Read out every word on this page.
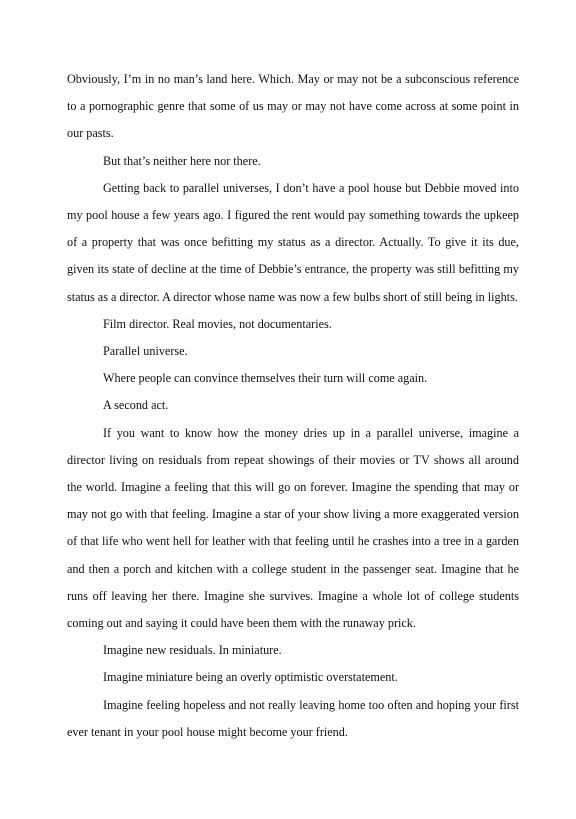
Obviously, I’m in no man’s land here. Which. May or may not be a subconscious reference to a pornographic genre that some of us may or may not have come across at some point in our pasts.

But that’s neither here nor there.

Getting back to parallel universes, I don’t have a pool house but Debbie moved into my pool house a few years ago. I figured the rent would pay something towards the upkeep of a property that was once befitting my status as a director. Actually. To give it its due, given its state of decline at the time of Debbie’s entrance, the property was still befitting my status as a director. A director whose name was now a few bulbs short of still being in lights.

Film director. Real movies, not documentaries.

Parallel universe.

Where people can convince themselves their turn will come again.

A second act.

If you want to know how the money dries up in a parallel universe, imagine a director living on residuals from repeat showings of their movies or TV shows all around the world. Imagine a feeling that this will go on forever. Imagine the spending that may or may not go with that feeling. Imagine a star of your show living a more exaggerated version of that life who went hell for leather with that feeling until he crashes into a tree in a garden and then a porch and kitchen with a college student in the passenger seat. Imagine that he runs off leaving her there. Imagine she survives. Imagine a whole lot of college students coming out and saying it could have been them with the runaway prick.

Imagine new residuals. In miniature.

Imagine miniature being an overly optimistic overstatement.

Imagine feeling hopeless and not really leaving home too often and hoping your first ever tenant in your pool house might become your friend.
